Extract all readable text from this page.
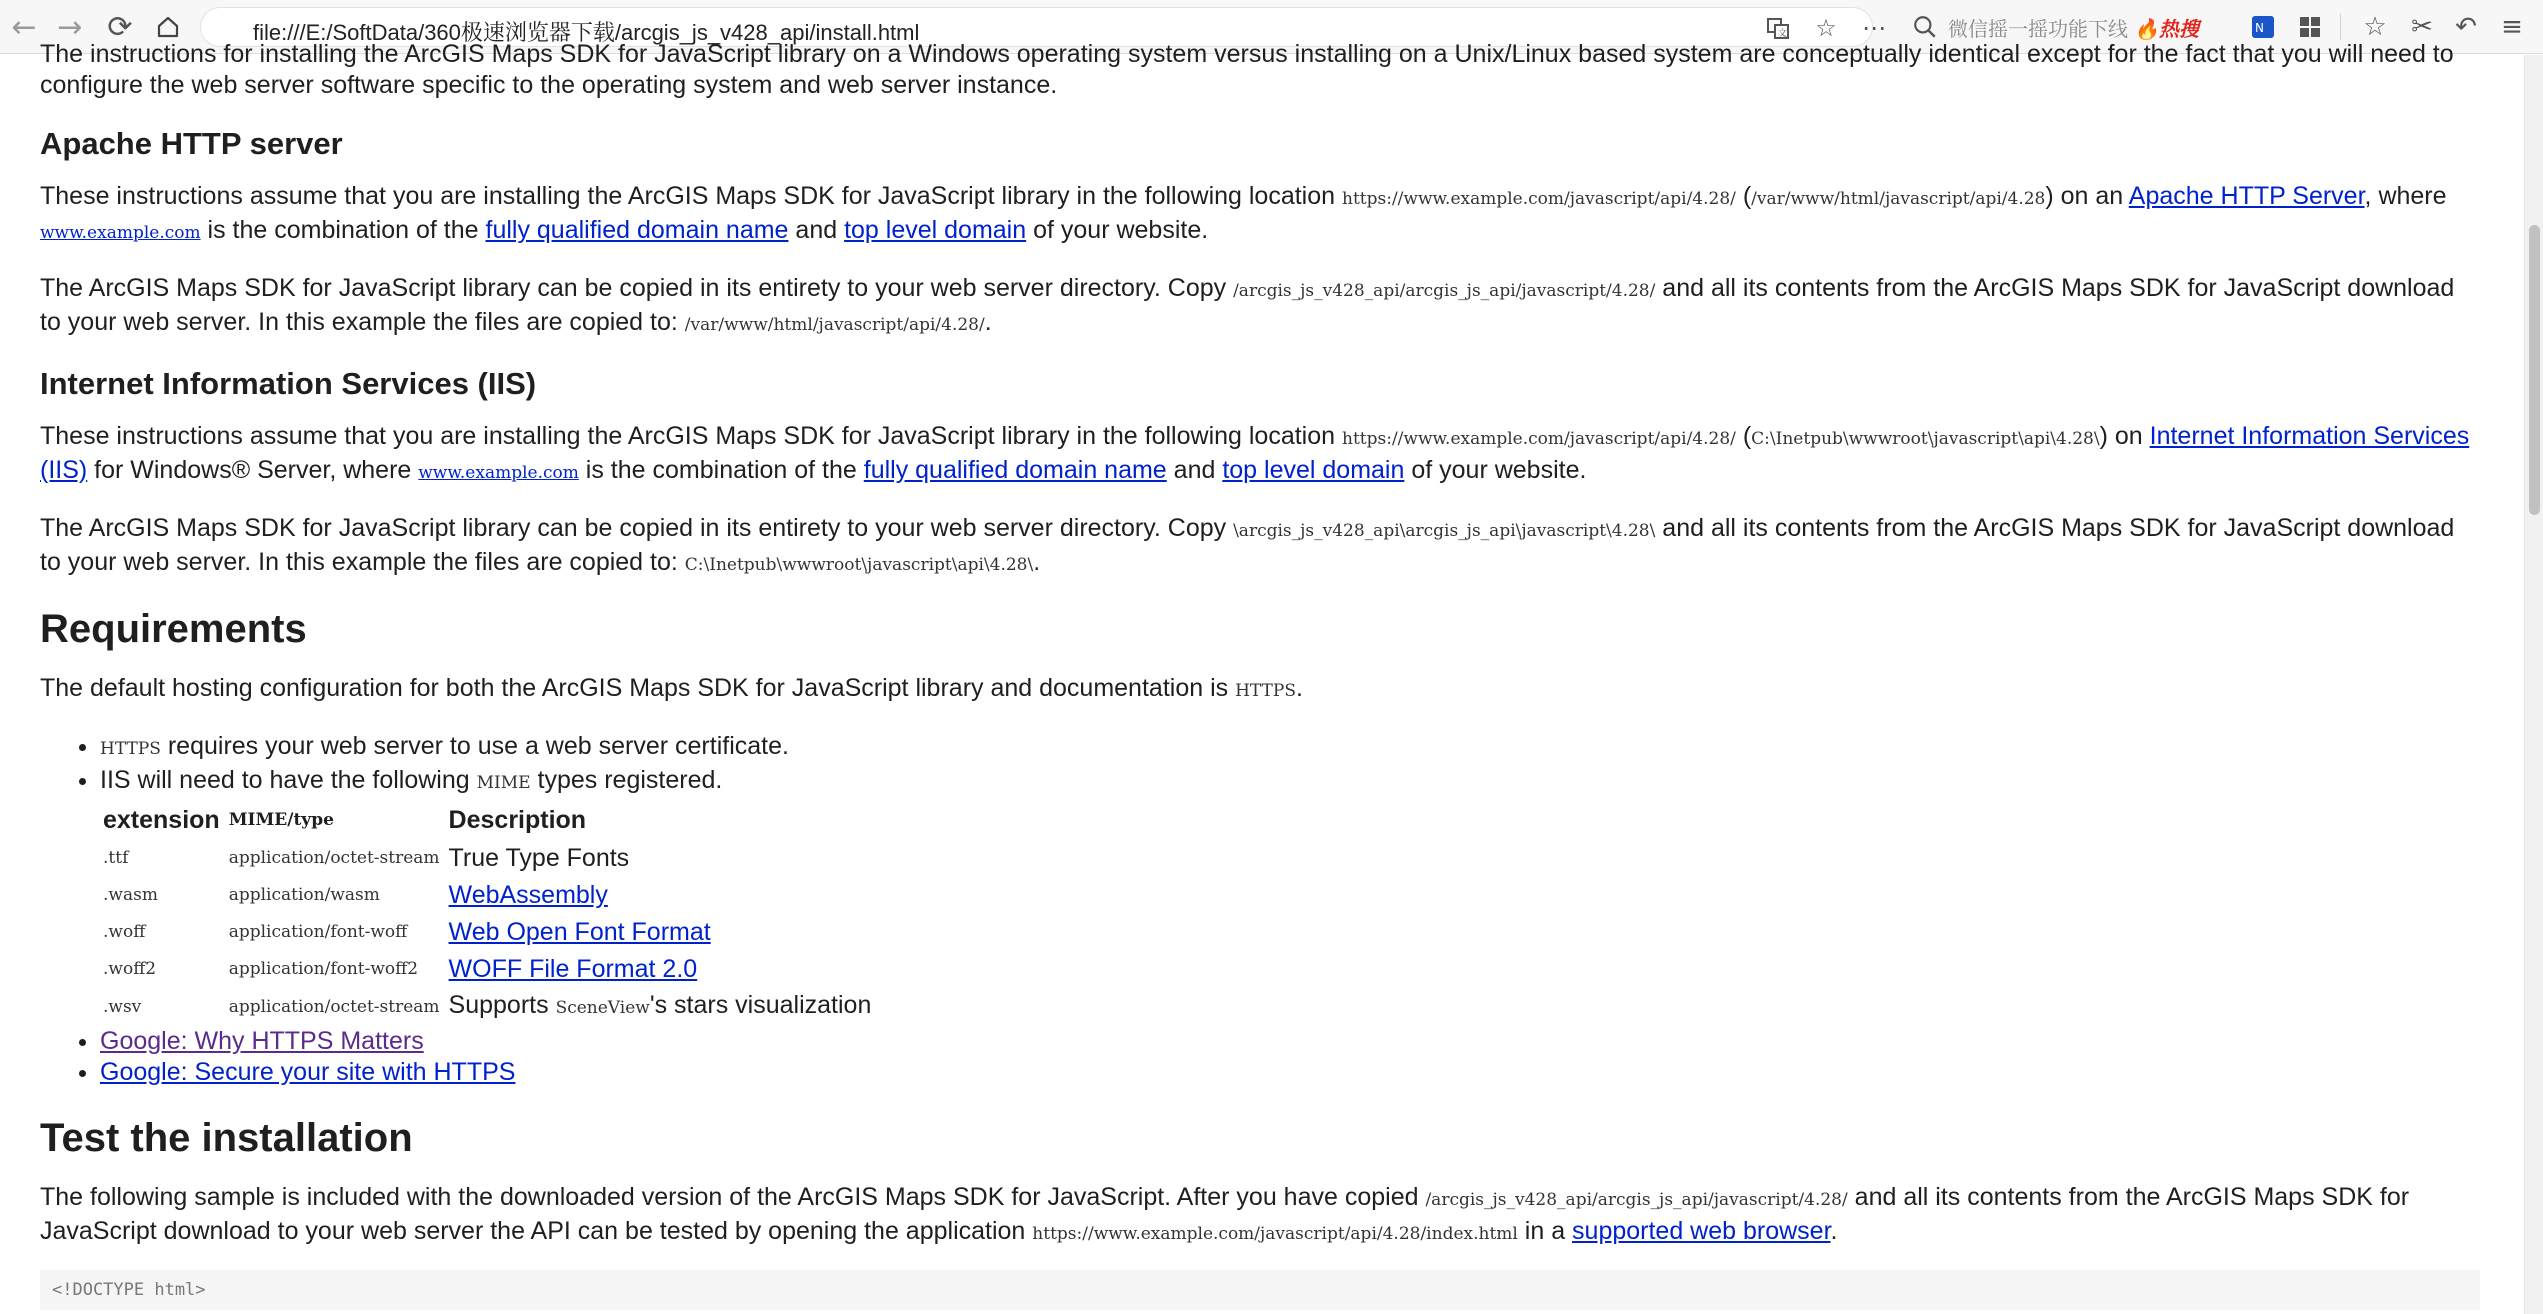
← → ⟳	file:///E:/SoftData/360极速浏览器下载/arcgis_js_v428_api/install.html	文 ☆ ⋯	微信摇一摇功能下线 🔥热搜	N	☆ ✂ ↶ ≡

The instructions for installing the ArcGIS Maps SDK for JavaScript library on a Windows operating system versus installing on a Unix/Linux based system are conceptually identical except for the fact that you will need to configure the web server software specific to the operating system and web server instance.

Apache HTTP server

These instructions assume that you are installing the ArcGIS Maps SDK for JavaScript library in the following location https://www.example.com/javascript/api/4.28/ (/var/www/html/javascript/api/4.28) on an Apache HTTP Server, where www.example.com is the combination of the fully qualified domain name and top level domain of your website.

The ArcGIS Maps SDK for JavaScript library can be copied in its entirety to your web server directory. Copy /arcgis_js_v428_api/arcgis_js_api/javascript/4.28/ and all its contents from the ArcGIS Maps SDK for JavaScript download to your web server. In this example the files are copied to: /var/www/html/javascript/api/4.28/.

Internet Information Services (IIS)

These instructions assume that you are installing the ArcGIS Maps SDK for JavaScript library in the following location https://www.example.com/javascript/api/4.28/ (C:\Inetpub\wwwroot\javascript\api\4.28\) on Internet Information Services (IIS) for Windows® Server, where www.example.com is the combination of the fully qualified domain name and top level domain of your website.

The ArcGIS Maps SDK for JavaScript library can be copied in its entirety to your web server directory. Copy \arcgis_js_v428_api\arcgis_js_api\javascript\4.28\ and all its contents from the ArcGIS Maps SDK for JavaScript download to your web server. In this example the files are copied to: C:\Inetpub\wwwroot\javascript\api\4.28\.

Requirements

The default hosting configuration for both the ArcGIS Maps SDK for JavaScript library and documentation is HTTPS.

• HTTPS requires your web server to use a web server certificate.
• IIS will need to have the following MIME types registered.
extension	MIME/type	Description
.ttf	application/octet-stream	True Type Fonts
.wasm	application/wasm	WebAssembly
.woff	application/font-woff	Web Open Font Format
.woff2	application/font-woff2	WOFF File Format 2.0
.wsv	application/octet-stream	Supports SceneView's stars visualization
• Google: Why HTTPS Matters
• Google: Secure your site with HTTPS
Test the installation

The following sample is included with the downloaded version of the ArcGIS Maps SDK for JavaScript. After you have copied /arcgis_js_v428_api/arcgis_js_api/javascript/4.28/ and all its contents from the ArcGIS Maps SDK for JavaScript download to your web server the API can be tested by opening the application https://www.example.com/javascript/api/4.28/index.html in a supported web browser.

<!DOCTYPE html>
